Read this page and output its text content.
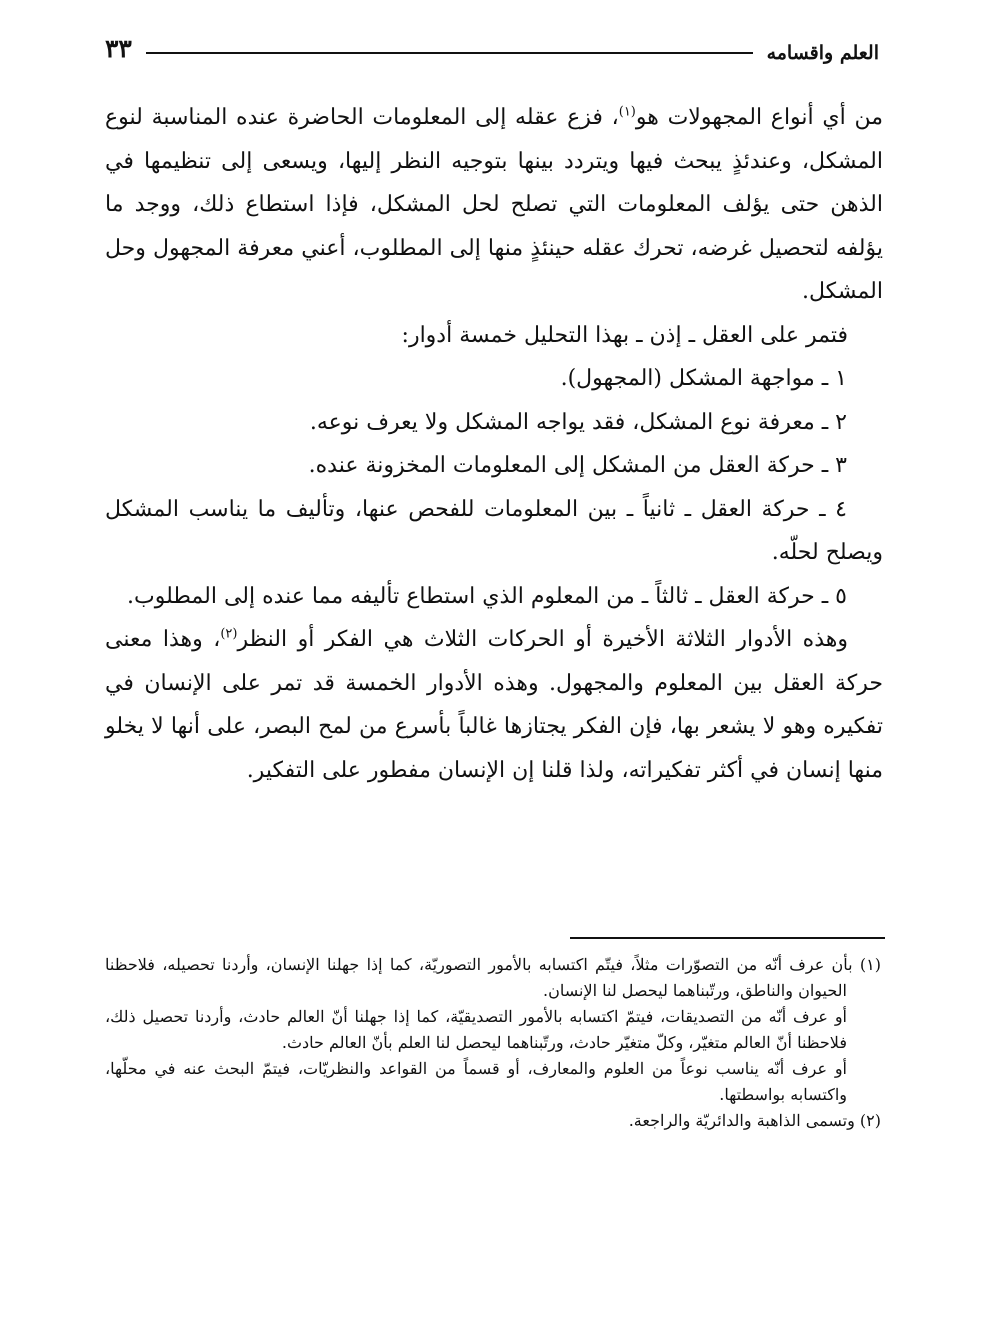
العلم واقسامه
٣٣

من أي أنواع المجهولات هو$^{(١)}$، فزع عقله إلى المعلومات الحاضرة عنده المناسبة لنوع المشكل، وعندئذٍ يبحث فيها ويتردد بينها بتوجيه النظر إليها، ويسعى إلى تنظيمها في الذهن حتى يؤلف المعلومات التي تصلح لحل المشكل، فإذا استطاع ذلك، ووجد ما يؤلفه لتحصيل غرضه، تحرك عقله حينئذٍ منها إلى المطلوب، أعني معرفة المجهول وحل المشكل.

فتمر على العقل ـ إذن ـ بهذا التحليل خمسة أدوار:

١ ـ مواجهة المشكل (المجهول).

٢ ـ معرفة نوع المشكل، فقد يواجه المشكل ولا يعرف نوعه.

٣ ـ حركة العقل من المشكل إلى المعلومات المخزونة عنده.

٤ ـ حركة العقل ـ ثانياً ـ بين المعلومات للفحص عنها، وتأليف ما يناسب المشكل ويصلح لحلّه.

٥ ـ حركة العقل ـ ثالثاً ـ من المعلوم الذي استطاع تأليفه مما عنده إلى المطلوب.

وهذه الأدوار الثلاثة الأخيرة أو الحركات الثلاث هي الفكر أو النظر$^{(٢)}$، وهذا معنى حركة العقل بين المعلوم والمجهول. وهذه الأدوار الخمسة قد تمر على الإنسان في تفكيره وهو لا يشعر بها، فإن الفكر يجتازها غالباً بأسرع من لمح البصر، على أنها لا يخلو منها إنسان في أكثر تفكيراته، ولذا قلنا إن الإنسان مفطور على التفكير.

(١) بأن عرف أنّه من التصوّرات مثلاً، فيتّم اكتسابه بالأمور التصوريّة، كما إذا جهلنا الإنسان، وأردنا تحصيله، فلاحظنا الحيوان والناطق، ورتّبناهما ليحصل لنا الإنسان.

أو عرف أنّه من التصديقات، فيتمّ اكتسابه بالأمور التصديقيّة، كما إذا جهلنا أنّ العالم حادث، وأردنا تحصيل ذلك، فلاحظنا أنّ العالم متغيّر، وكلّ متغيّر حادث، ورتّبناهما ليحصل لنا العلم بأنّ العالم حادث.

أو عرف أنّه يناسب نوعاً من العلوم والمعارف، أو قسماً من القواعد والنظريّات، فيتمّ البحث عنه في محلّها، واكتسابه بواسطتها.

(٢) وتسمى الذاهبة والدائريّة والراجعة.
